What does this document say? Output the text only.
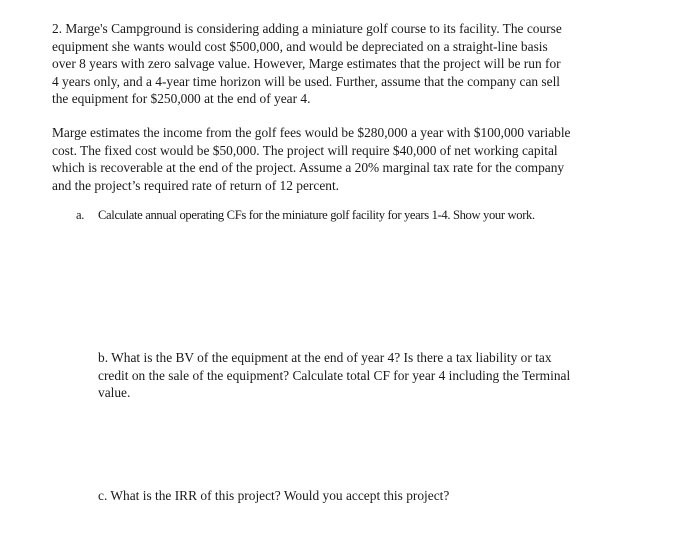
2. Marge's Campground is considering adding a miniature golf course to its facility. The course
equipment she wants would cost $500,000, and would be depreciated on a straight-line basis
over 8 years with zero salvage value. However, Marge estimates that the project will be run for
4 years only, and a 4-year time horizon will be used. Further, assume that the company can sell
the equipment for $250,000 at the end of year 4.
Marge estimates the income from the golf fees would be $280,000 a year with $100,000 variable
cost. The fixed cost would be $50,000. The project will require $40,000 of net working capital
which is recoverable at the end of the project. Assume a 20% marginal tax rate for the company
and the project’s required rate of return of 12 percent.
a. Calculate annual operating CFs for the miniature golf facility for years 1-4. Show your work.
b. What is the BV of the equipment at the end of year 4? Is there a tax liability or tax
credit on the sale of the equipment? Calculate total CF for year 4 including the Terminal
value.
c. What is the IRR of this project? Would you accept this project?
